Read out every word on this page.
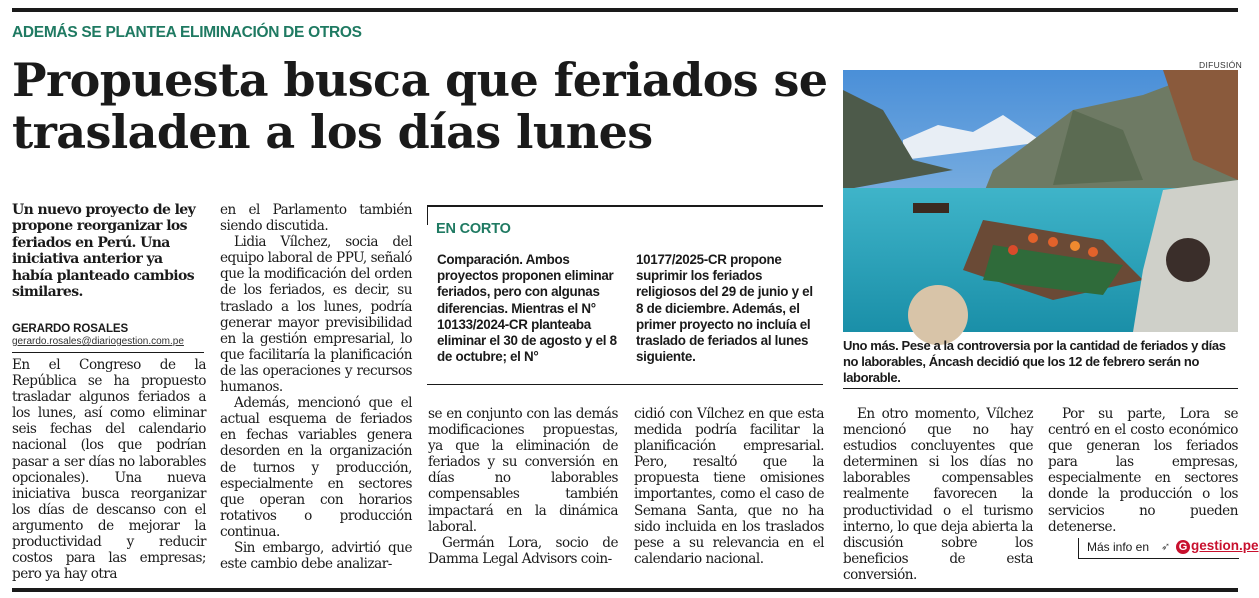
ADEMÁS SE PLANTEA ELIMINACIÓN DE OTROS
Propuesta busca que feriados se trasladen a los días lunes
Un nuevo proyecto de ley propone reorganizar los feriados en Perú. Una iniciativa anterior ya había planteado cambios similares.
GERARDO ROSALES
gerardo.rosales@diariogestion.com.pe

En el Congreso de la República se ha propuesto trasladar algunos feriados a los lunes, así como eliminar seis fechas del calendario nacional (los que podrían pasar a ser días no laborables opcionales). Una nueva iniciativa busca reorganizar los días de descanso con el argumento de mejorar la productividad y reducir costos para las empresas; pero ya hay otra

en el Parlamento también siendo discutida.

Lidia Vílchez, socia del equipo laboral de PPU, señaló que la modificación del orden de los feriados, es decir, su traslado a los lunes, podría generar mayor previsibilidad en la gestión empresarial, lo que facilitaría la planificación de las operaciones y recursos humanos.

Además, mencionó que el actual esquema de feriados en fechas variables genera desorden en la organización de turnos y producción, especialmente en sectores que operan con horarios rotativos o producción continua.

Sin embargo, advirtió que este cambio debe analizar-

EN CORTO
Comparación. Ambos proyectos proponen eliminar feriados, pero con algunas diferencias. Mientras el N° 10133/2024-CR planteaba eliminar el 30 de agosto y el 8 de octubre; el N°
10177/2025-CR propone suprimir los feriados religiosos del 29 de junio y el 8 de diciembre. Además, el primer proyecto no incluía el traslado de feriados al lunes siguiente.

se en conjunto con las demás modificaciones propuestas, ya que la eliminación de feriados y su conversión en días no laborables compensables también impactará en la dinámica laboral.

Germán Lora, socio de Damma Legal Advisors coin-

cidió con Vílchez en que esta medida podría facilitar la planificación empresarial. Pero, resaltó que la propuesta tiene omisiones importantes, como el caso de Semana Santa, que no ha sido incluida en los traslados pese a su relevancia en el calendario nacional.

DIFUSIÓN
Uno más. Pese a la controversia por la cantidad de feriados y días no laborables, Áncash decidió que los 12 de febrero serán no laborable.

En otro momento, Vílchez mencionó que no hay estudios concluyentes que determinen si los días no laborables compensables realmente favorecen la productividad o el turismo interno, lo que deja abierta la discusión sobre los beneficios de esta conversión.

Por su parte, Lora se centró en el costo económico que generan los feriados para las empresas, especialmente en sectores donde la producción o los servicios no pueden detenerse.

Más info en ➶ G gestion.pe
